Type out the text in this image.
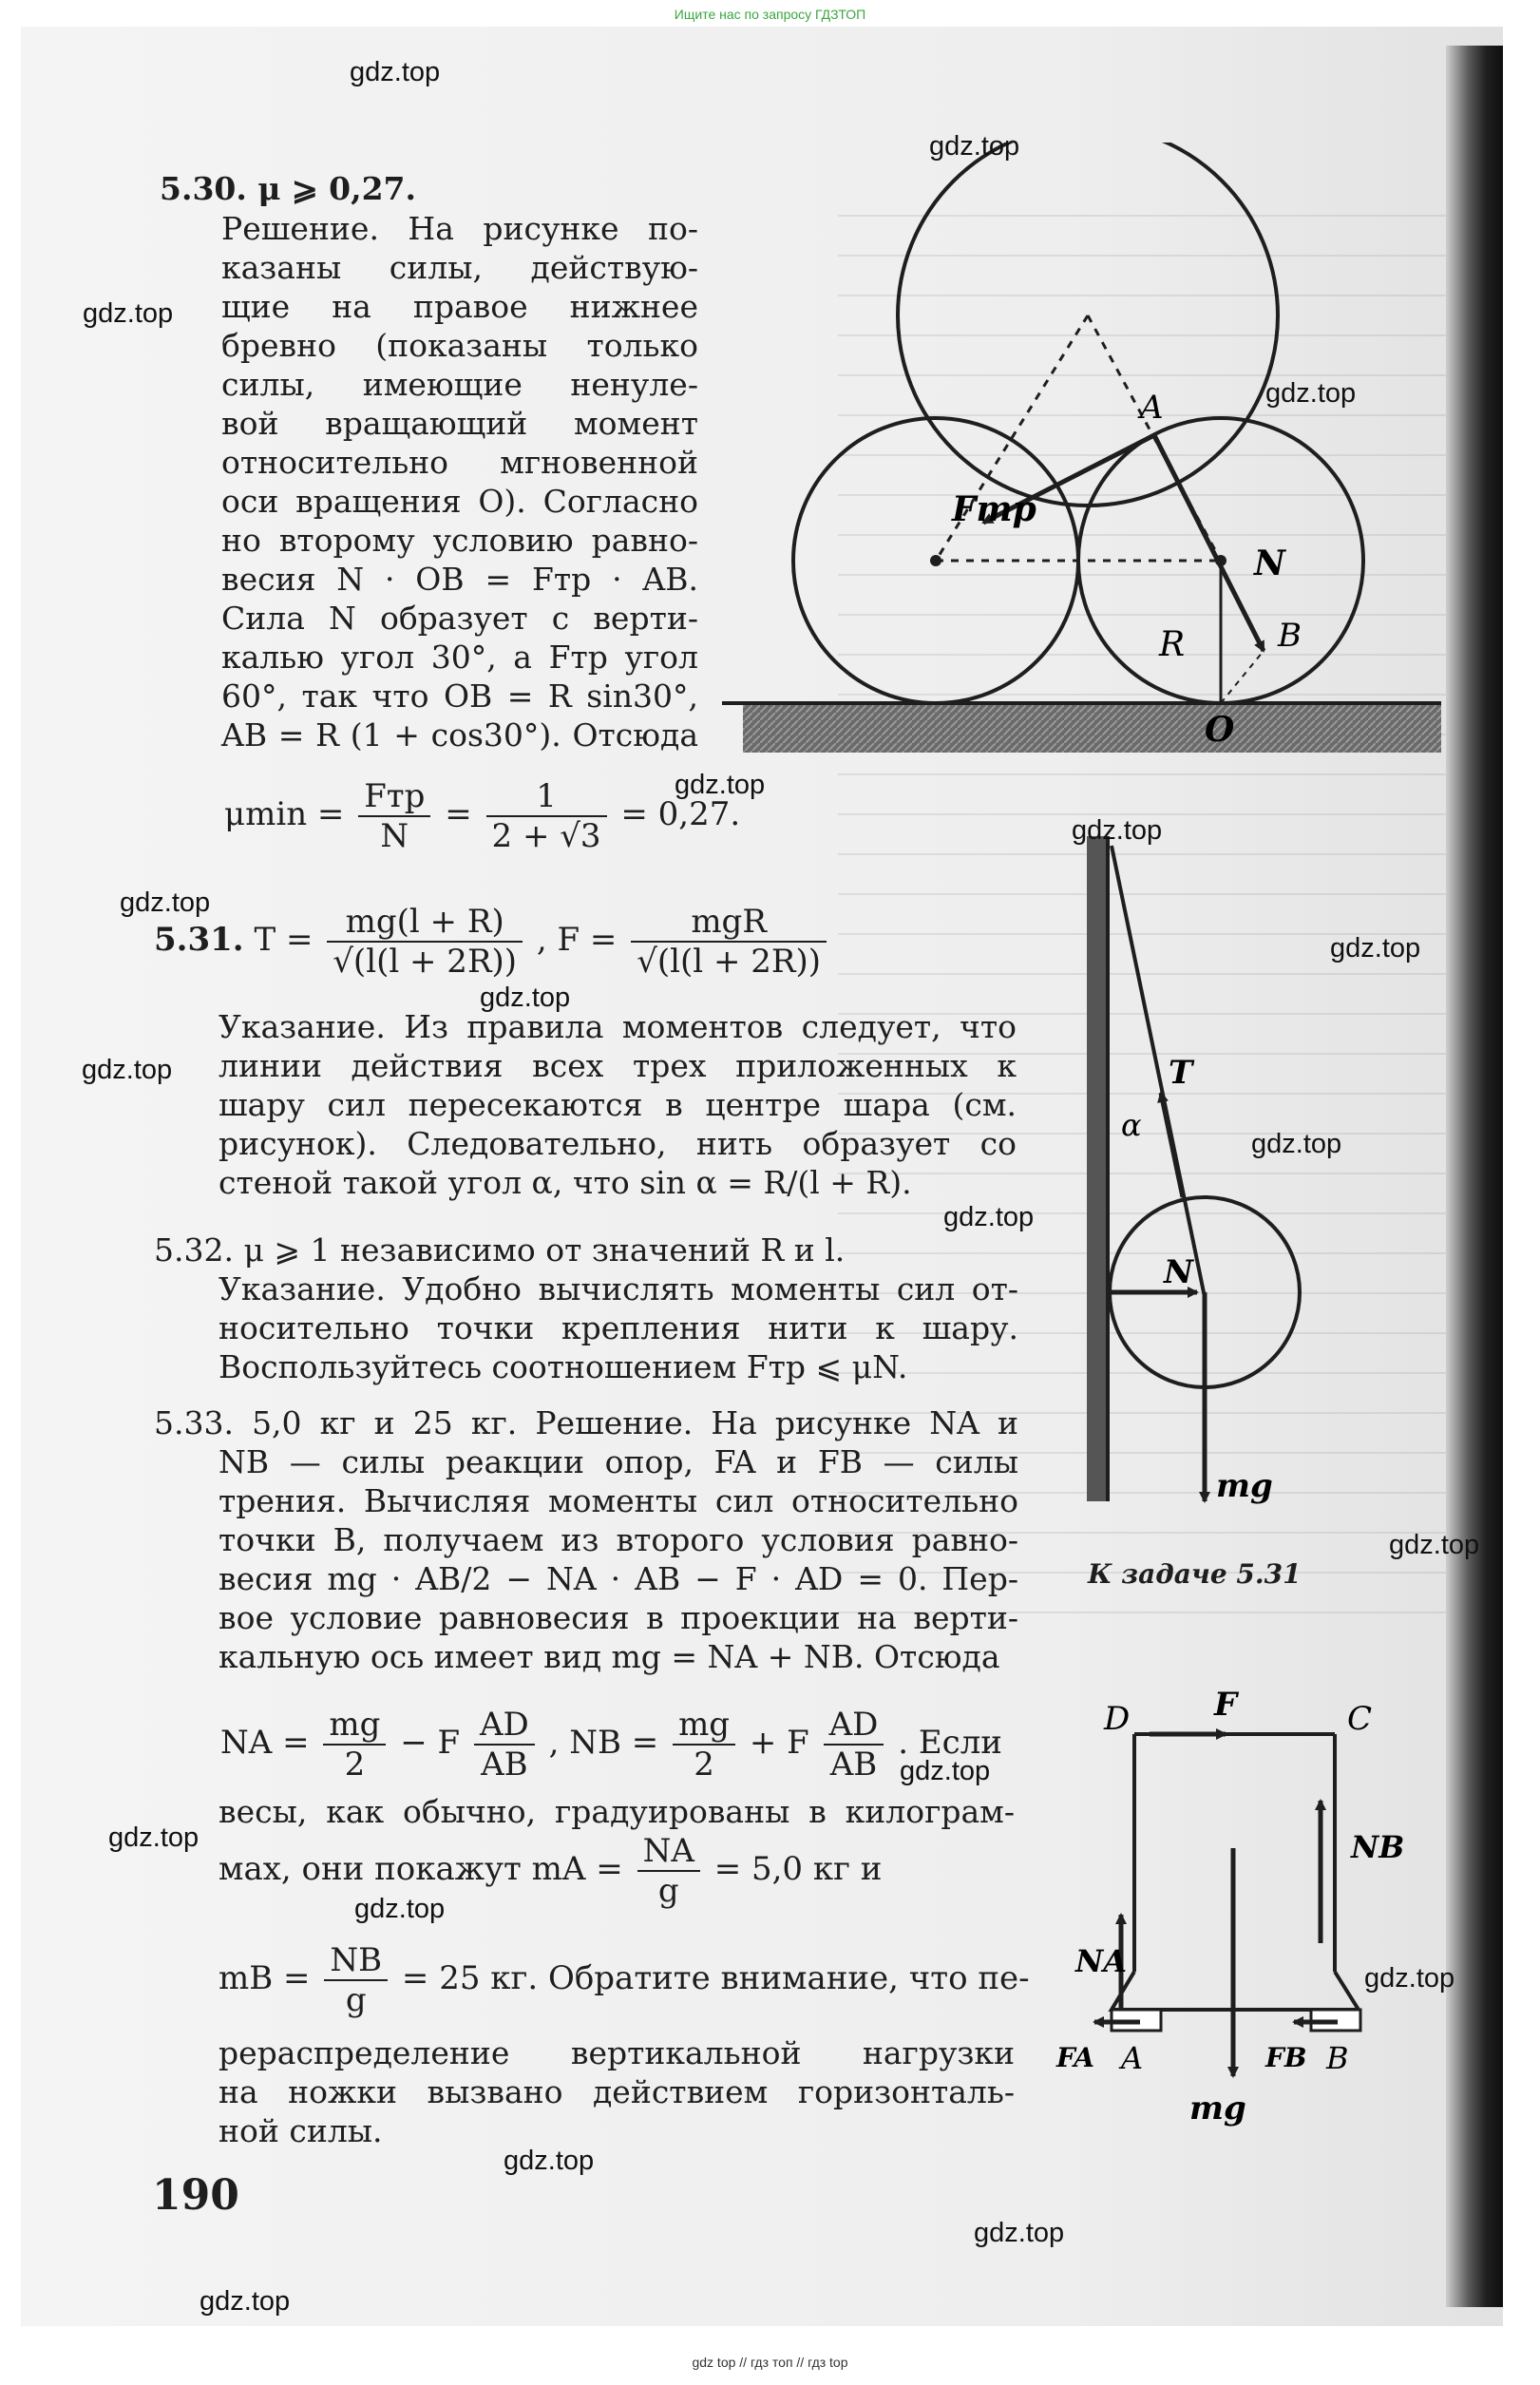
Ищите нас по запросу ГДЗТОП
5.30. μ ⩾ 0,27.
Решение. На рисунке по-
казаны силы, действую-
щие на правое нижнее
бревно (показаны только
силы, имеющие ненуле-
вой вращающий момент
относительно мгновенной
оси вращения O). Согласно
но второму условию равно-
весия N · OB = Fтр · AB.
Сила N образует с верти-
калью угол 30°, а Fтр угол
60°, так что OB = R sin30°,
AB = R (1 + cos30°). Отсюда
$\mu\min = \frac{\text{Fтр}}{N} = \frac{1}{2 + √3} = 0,27$.
5.31. $T = \frac{mg(l + R)}{√(l(l + 2R))}$ , $F = \frac{\text{mgR}}{√(l(l + 2R))}$
Указание. Из правила моментов следует, что
линии действия всех трех приложенных к
шару сил пересекаются в центре шара (см.
рисунок). Следовательно, нить образует со
стеной такой угол α, что sin α = R/(l + R).
5.32. μ ⩾ 1 независимо от значений R и l.
Указание. Удобно вычислять моменты сил от-
носительно точки крепления нити к шару.
Воспользуйтесь соотношением Fтр ⩽ μN.
5.33. 5,0 кг и 25 кг. Решение. На рисунке NA и
NB — силы реакции опор, FA и FB — силы
трения. Вычисляя моменты сил относительно
точки B, получаем из второго условия равно-
весия mg · AB/2 − NA · AB − F · AD = 0. Пер-
вое условие равновесия в проекции на верти-
кальную ось имеет вид mg = NA + NB. Отсюда
NA = $\frac{mg}{2} - F \frac{AD}{AB}$ , NB = $\frac{mg}{2} + F \frac{AD}{AB}$ . Если
весы, как обычно, градуированы в килограм-
мах, они покажут mA = $\frac{NA}{g} = 5,0$ кг и
mB = $\frac{NB}{g} = 25$ кг. Обратите внимание, что пе-
рераспределение вертикальной нагрузки
на ножки вызвано действием горизонталь-
ной силы.
190
A
Fтр
N
R	B
O
T
α
N
mg
К задаче 5.31
D	F	C
NB
NA
FA A	FB B
mg
gdz.top
gdz.top
gdz.top
gdz.top
gdz.top
gdz.top
gdz.top
gdz.top
gdz.top
gdz.top
gdz.top
gdz.top
gdz.top
gdz.top
gdz.top
gdz.top
gdz.top
gdz.top
gdz.top
gdz.top
gdz top // гдз топ // гдз top
